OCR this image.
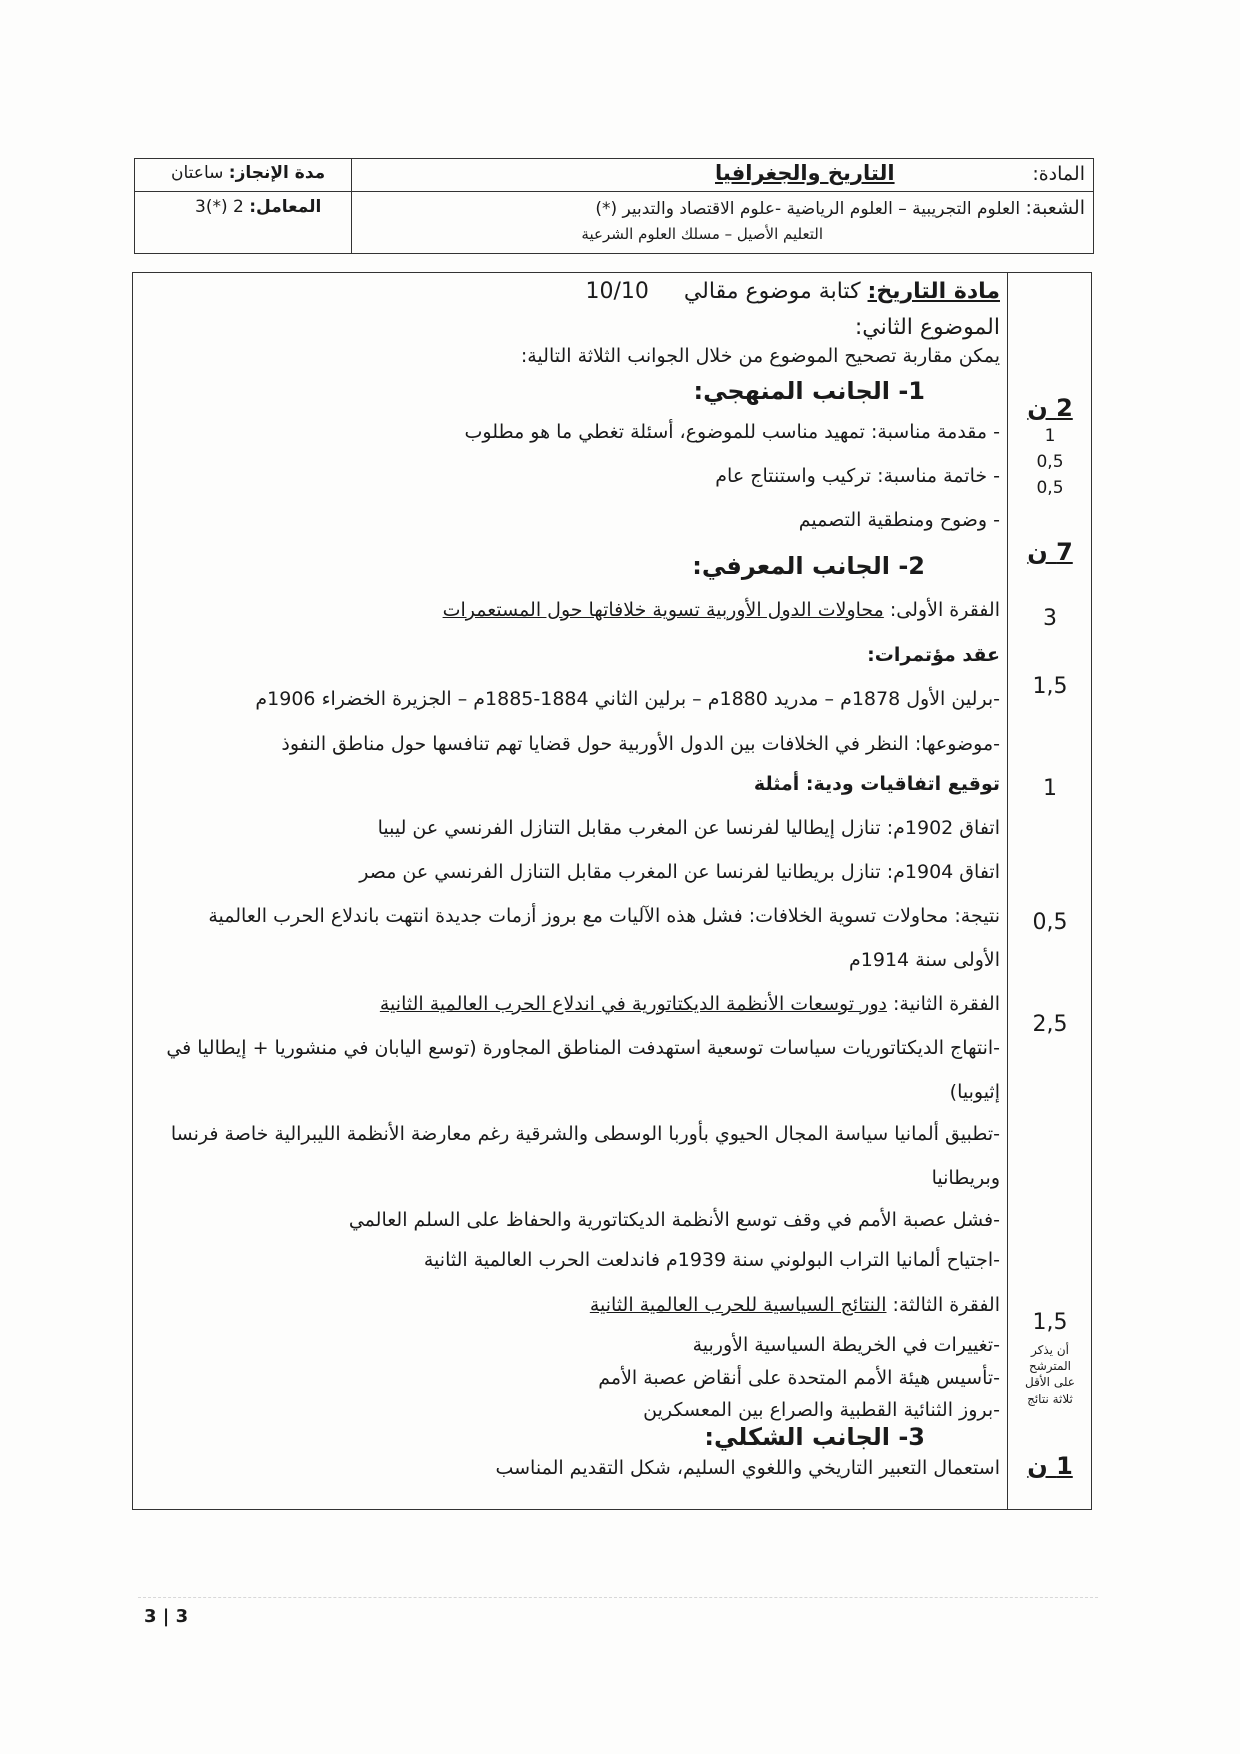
المادة:
التاريخ والجغرافيا
مدة الإنجاز: ساعتان
الشعبة: العلوم التجريبية – العلوم الرياضية -علوم الاقتصاد والتدبير (*)
التعليم الأصيل – مسلك العلوم الشرعية
المعامل: 2 (*)3
مادة التاريخ: كتابة موضوع مقالي     10/10
الموضوع الثاني:
يمكن مقاربة تصحيح الموضوع من خلال الجوانب الثلاثة التالية:
1- الجانب المنهجي:
- مقدمة مناسبة: تمهيد مناسب للموضوع، أسئلة تغطي ما هو مطلوب
- خاتمة مناسبة: تركيب واستنتاج عام
- وضوح ومنطقية التصميم
2- الجانب المعرفي:
الفقرة الأولى: محاولات الدول الأوربية تسوية خلافاتها حول المستعمرات
عقد مؤتمرات:
-برلين الأول 1878م – مدريد 1880م – برلين الثاني 1884-1885م – الجزيرة الخضراء 1906م
-موضوعها: النظر في الخلافات بين الدول الأوربية حول قضايا تهم تنافسها حول مناطق النفوذ
توقيع اتفاقيات ودية: أمثلة
اتفاق 1902م: تنازل إيطاليا لفرنسا عن المغرب مقابل التنازل الفرنسي عن ليبيا
اتفاق 1904م: تنازل بريطانيا لفرنسا عن المغرب مقابل التنازل الفرنسي عن مصر
نتيجة: محاولات تسوية الخلافات: فشل هذه الآليات مع بروز أزمات جديدة انتهت باندلاع الحرب العالمية
الأولى سنة 1914م
الفقرة الثانية: دور توسعات الأنظمة الديكتاتورية في اندلاع الحرب العالمية الثانية
-انتهاج الديكتاتوريات سياسات توسعية استهدفت المناطق المجاورة (توسع اليابان في منشوريا + إيطاليا في
إثيوبيا)
-تطبيق ألمانيا سياسة المجال الحيوي بأوربا الوسطى والشرقية رغم معارضة الأنظمة الليبرالية خاصة فرنسا
وبريطانيا
-فشل عصبة الأمم في وقف توسع الأنظمة الديكتاتورية والحفاظ على السلم العالمي
-اجتياح ألمانيا التراب البولوني سنة 1939م فاندلعت الحرب العالمية الثانية
الفقرة الثالثة: النتائج السياسية للحرب العالمية الثانية
-تغييرات في الخريطة السياسية الأوربية
-تأسيس هيئة الأمم المتحدة على أنقاض عصبة الأمم
-بروز الثنائية القطبية والصراع بين المعسكرين
3- الجانب الشكلي:
استعمال التعبير التاريخي واللغوي السليم، شكل التقديم المناسب
2 ن
1
0,5
0,5
7 ن
3
1,5
1
0,5
2,5
1,5
أن يذكر
المترشح
على الأقل
ثلاثة نتائج
1 ن
3 | 3
